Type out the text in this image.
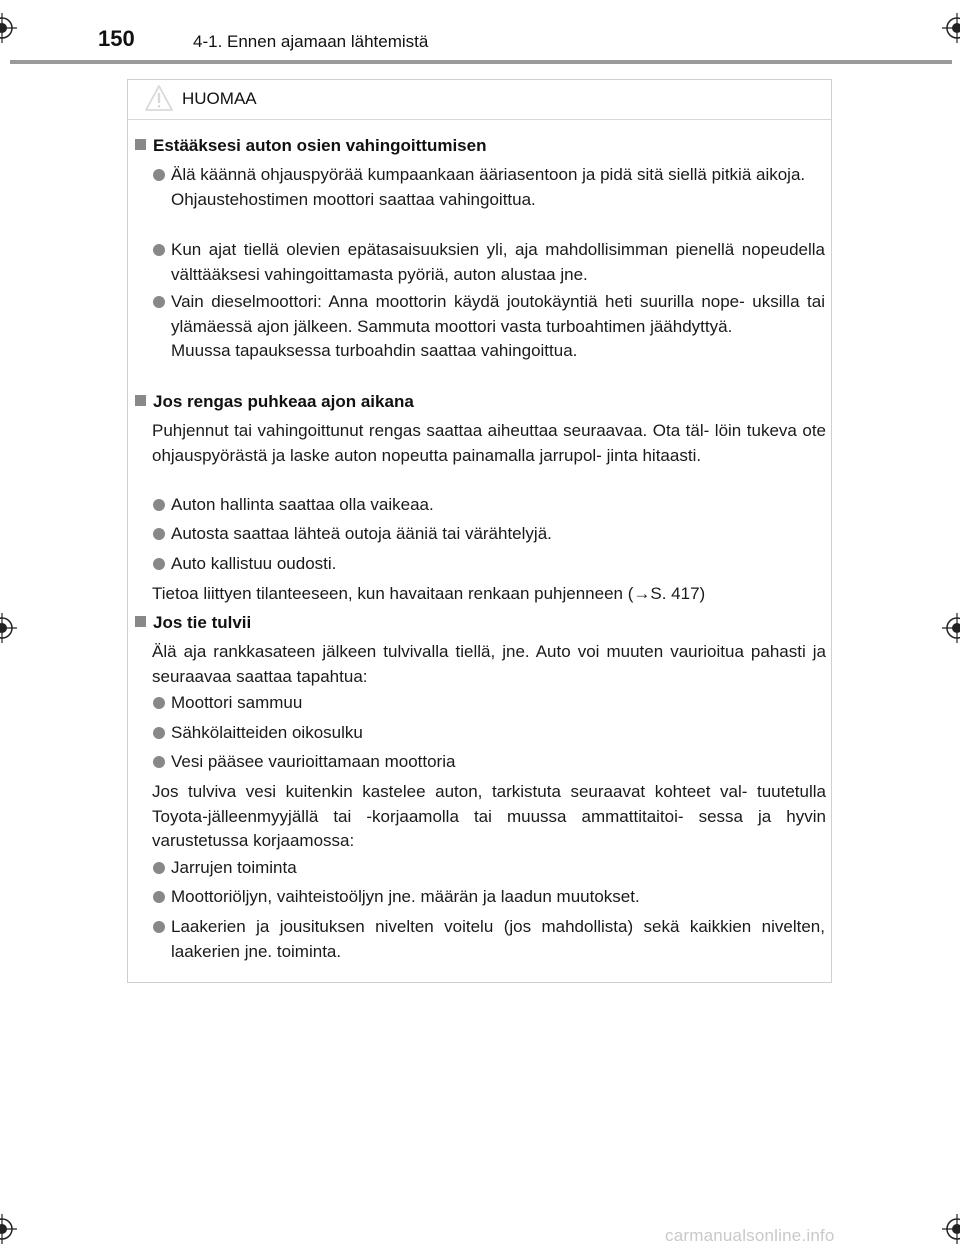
150	4-1. Ennen ajamaan lähtemistä
HUOMAA
Estääksesi auton osien vahingoittumisen
Älä käännä ohjauspyörää kumpaankaan ääriasentoon ja pidä sitä siellä pitkiä aikoja.
Ohjaustehostimen moottori saattaa vahingoittua.
Kun ajat tiellä olevien epätasaisuuksien yli, aja mahdollisimman pienellä nopeudella välttääksesi vahingoittamasta pyöriä, auton alustaa jne.
Vain dieselmoottori: Anna moottorin käydä joutokäyntiä heti suurilla nope- uksilla tai ylämäessä ajon jälkeen. Sammuta moottori vasta turboahtimen jäähdyttyä.
Muussa tapauksessa turboahdin saattaa vahingoittua.
Jos rengas puhkeaa ajon aikana
Puhjennut tai vahingoittunut rengas saattaa aiheuttaa seuraavaa. Ota täl- löin tukeva ote ohjauspyörästä ja laske auton nopeutta painamalla jarrupol- jinta hitaasti.
Auton hallinta saattaa olla vaikeaa.
Autosta saattaa lähteä outoja ääniä tai värähtelyjä.
Auto kallistuu oudosti.
Tietoa liittyen tilanteeseen, kun havaitaan renkaan puhjenneen (→S. 417)
Jos tie tulvii
Älä aja rankkasateen jälkeen tulvivalla tiellä, jne. Auto voi muuten vaurioitua pahasti ja seuraavaa saattaa tapahtua:
Moottori sammuu
Sähkölaitteiden oikosulku
Vesi pääsee vaurioittamaan moottoria
Jos tulviva vesi kuitenkin kastelee auton, tarkistuta seuraavat kohteet val- tuutetulla Toyota-jälleenmyyjällä tai -korjaamolla tai muussa ammattitaitoi- sessa ja hyvin varustetussa korjaamossa:
Jarrujen toiminta
Moottoriöljyn, vaihteistoöljyn jne. määrän ja laadun muutokset.
Laakerien ja jousituksen nivelten voitelu (jos mahdollista) sekä kaikkien nivelten, laakerien jne. toiminta.
carmanualsonline.info
